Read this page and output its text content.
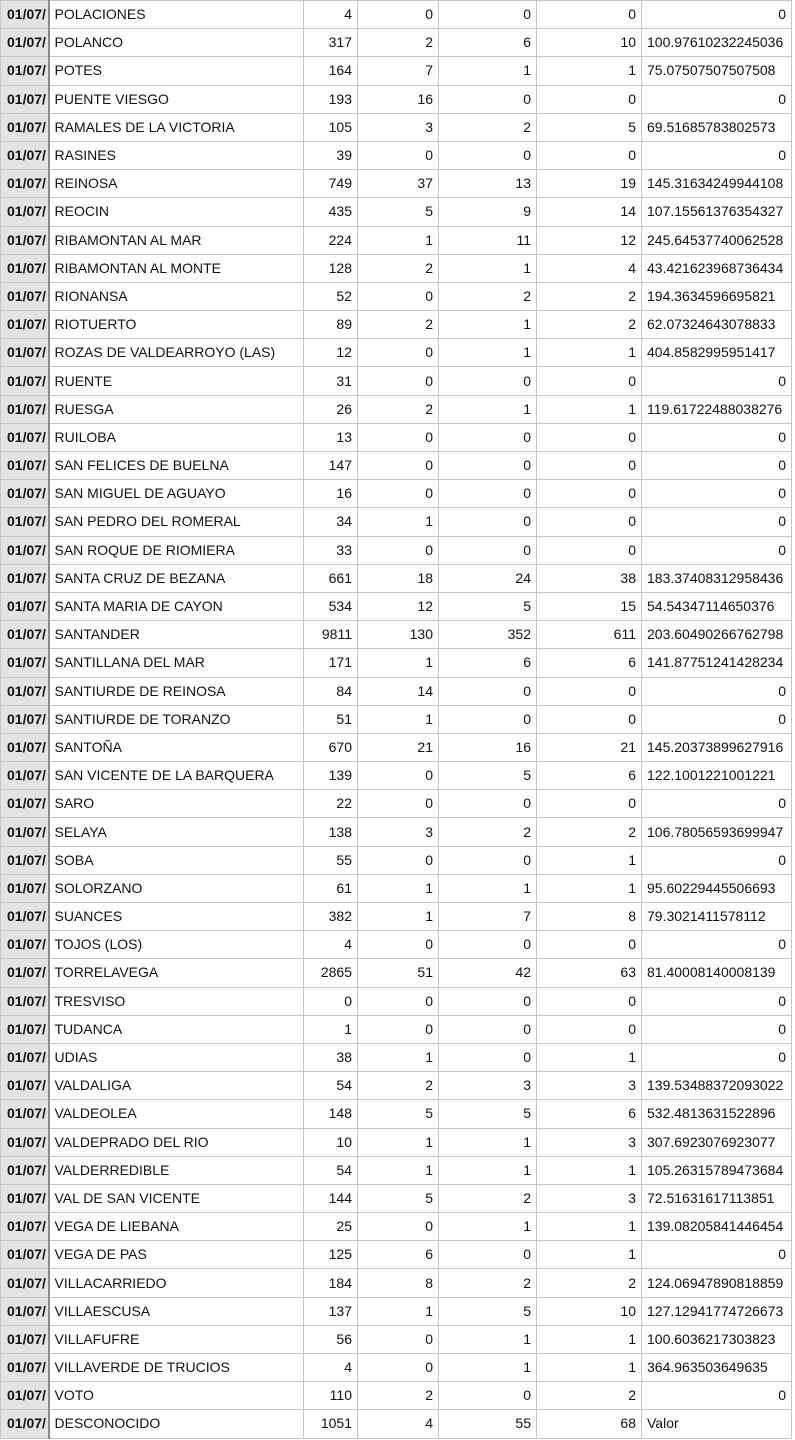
01/07/	POLACIONES	4	0	0	0	0
01/07/	POLANCO	317	2	6	10	100.97610232245036
01/07/	POTES	164	7	1	1	75.07507507507508
01/07/	PUENTE VIESGO	193	16	0	0	0
01/07/	RAMALES DE LA VICTORIA	105	3	2	5	69.51685783802573
01/07/	RASINES	39	0	0	0	0
01/07/	REINOSA	749	37	13	19	145.31634249944108
01/07/	REOCIN	435	5	9	14	107.15561376354327
01/07/	RIBAMONTAN AL MAR	224	1	11	12	245.64537740062528
01/07/	RIBAMONTAN AL MONTE	128	2	1	4	43.421623968736434
01/07/	RIONANSA	52	0	2	2	194.3634596695821
01/07/	RIOTUERTO	89	2	1	2	62.07324643078833
01/07/	ROZAS DE VALDEARROYO (LAS)	12	0	1	1	404.8582995951417
01/07/	RUENTE	31	0	0	0	0
01/07/	RUESGA	26	2	1	1	119.61722488038276
01/07/	RUILOBA	13	0	0	0	0
01/07/	SAN FELICES DE BUELNA	147	0	0	0	0
01/07/	SAN MIGUEL DE AGUAYO	16	0	0	0	0
01/07/	SAN PEDRO DEL ROMERAL	34	1	0	0	0
01/07/	SAN ROQUE DE RIOMIERA	33	0	0	0	0
01/07/	SANTA CRUZ DE BEZANA	661	18	24	38	183.37408312958436
01/07/	SANTA MARIA DE CAYON	534	12	5	15	54.54347114650376
01/07/	SANTANDER	9811	130	352	611	203.60490266762798
01/07/	SANTILLANA DEL MAR	171	1	6	6	141.87751241428234
01/07/	SANTIURDE DE REINOSA	84	14	0	0	0
01/07/	SANTIURDE DE TORANZO	51	1	0	0	0
01/07/	SANTOÑA	670	21	16	21	145.20373899627916
01/07/	SAN VICENTE DE LA BARQUERA	139	0	5	6	122.1001221001221
01/07/	SARO	22	0	0	0	0
01/07/	SELAYA	138	3	2	2	106.78056593699947
01/07/	SOBA	55	0	0	1	0
01/07/	SOLORZANO	61	1	1	1	95.60229445506693
01/07/	SUANCES	382	1	7	8	79.3021411578112
01/07/	TOJOS (LOS)	4	0	0	0	0
01/07/	TORRELAVEGA	2865	51	42	63	81.40008140008139
01/07/	TRESVISO	0	0	0	0	0
01/07/	TUDANCA	1	0	0	0	0
01/07/	UDIAS	38	1	0	1	0
01/07/	VALDALIGA	54	2	3	3	139.53488372093022
01/07/	VALDEOLEA	148	5	5	6	532.4813631522896
01/07/	VALDEPRADO DEL RIO	10	1	1	3	307.6923076923077
01/07/	VALDERREDIBLE	54	1	1	1	105.26315789473684
01/07/	VAL DE SAN VICENTE	144	5	2	3	72.51631617113851
01/07/	VEGA DE LIEBANA	25	0	1	1	139.08205841446454
01/07/	VEGA DE PAS	125	6	0	1	0
01/07/	VILLACARRIEDO	184	8	2	2	124.06947890818859
01/07/	VILLAESCUSA	137	1	5	10	127.12941774726673
01/07/	VILLAFUFRE	56	0	1	1	100.6036217303823
01/07/	VILLAVERDE DE TRUCIOS	4	0	1	1	364.963503649635
01/07/	VOTO	110	2	0	2	0
01/07/	DESCONOCIDO	1051	4	55	68	Valor
